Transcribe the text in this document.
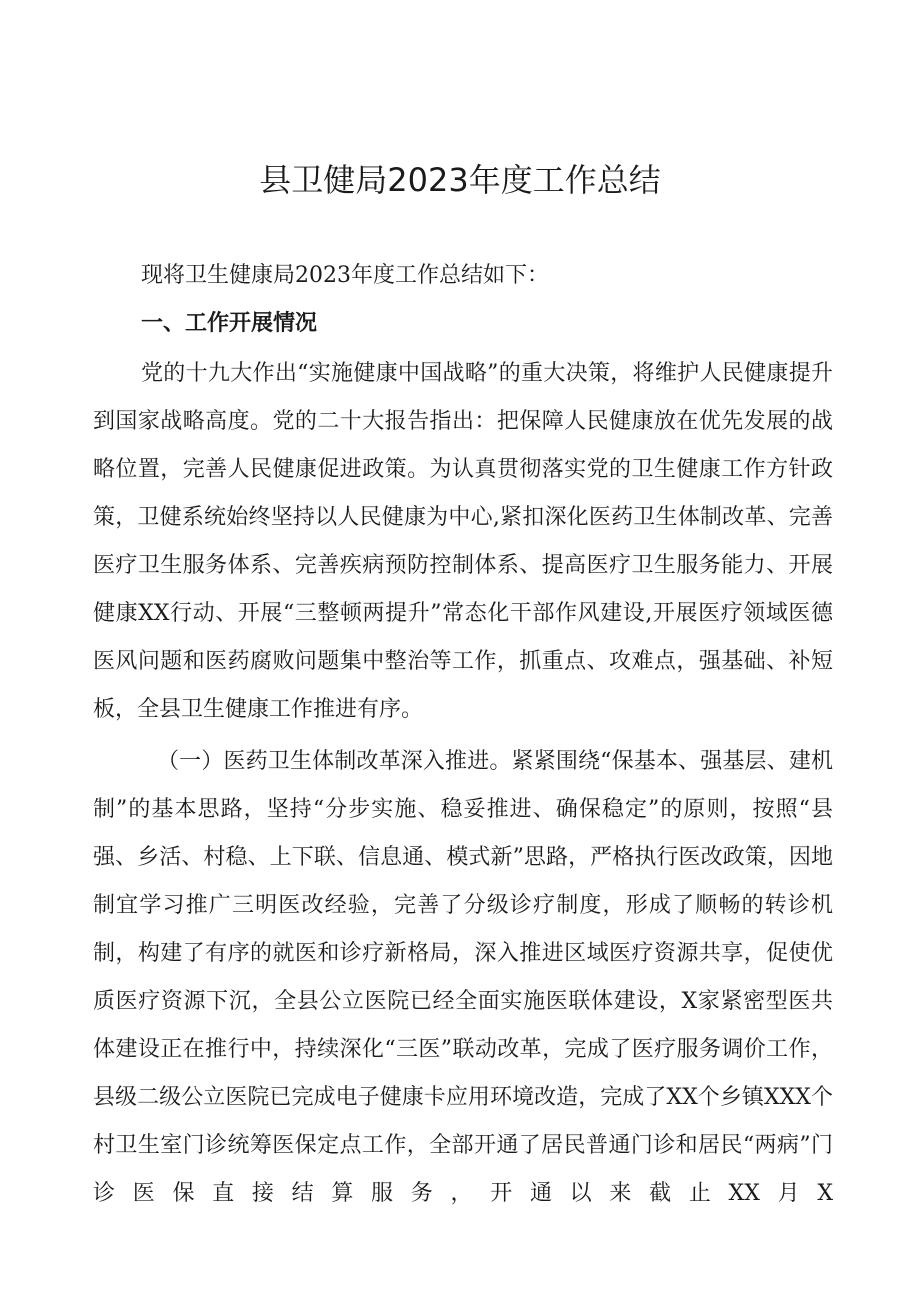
县卫健局2023年度工作总结

现将卫生健康局2023年度工作总结如下：

一、工作开展情况

党的十九大作出“实施健康中国战略”的重大决策，将维护人民健康提升到国家战略高度。党的二十大报告指出：把保障人民健康放在优先发展的战略位置，完善人民健康促进政策。为认真贯彻落实党的卫生健康工作方针政策，卫健系统始终坚持以人民健康为中心,紧扣深化医药卫生体制改革、完善医疗卫生服务体系、完善疾病预防控制体系、提高医疗卫生服务能力、开展健康XX行动、开展“三整顿两提升”常态化干部作风建设,开展医疗领域医德医风问题和医药腐败问题集中整治等工作，抓重点、攻难点，强基础、补短板，全县卫生健康工作推进有序。

（一）医药卫生体制改革深入推进。紧紧围绕“保基本、强基层、建机制”的基本思路，坚持“分步实施、稳妥推进、确保稳定”的原则，按照“县强、乡活、村稳、上下联、信息通、模式新”思路，严格执行医改政策，因地制宜学习推广三明医改经验，完善了分级诊疗制度，形成了顺畅的转诊机制，构建了有序的就医和诊疗新格局，深入推进区域医疗资源共享，促使优质医疗资源下沉，全县公立医院已经全面实施医联体建设，X家紧密型医共体建设正在推行中，持续深化“三医”联动改革，完成了医疗服务调价工作，县级二级公立医院已完成电子健康卡应用环境改造，完成了XX个乡镇XXX个村卫生室门诊统筹医保定点工作，全部开通了居民普通门诊和居民“两病”门诊医保直接结算服务，开通以来截止XX月X
